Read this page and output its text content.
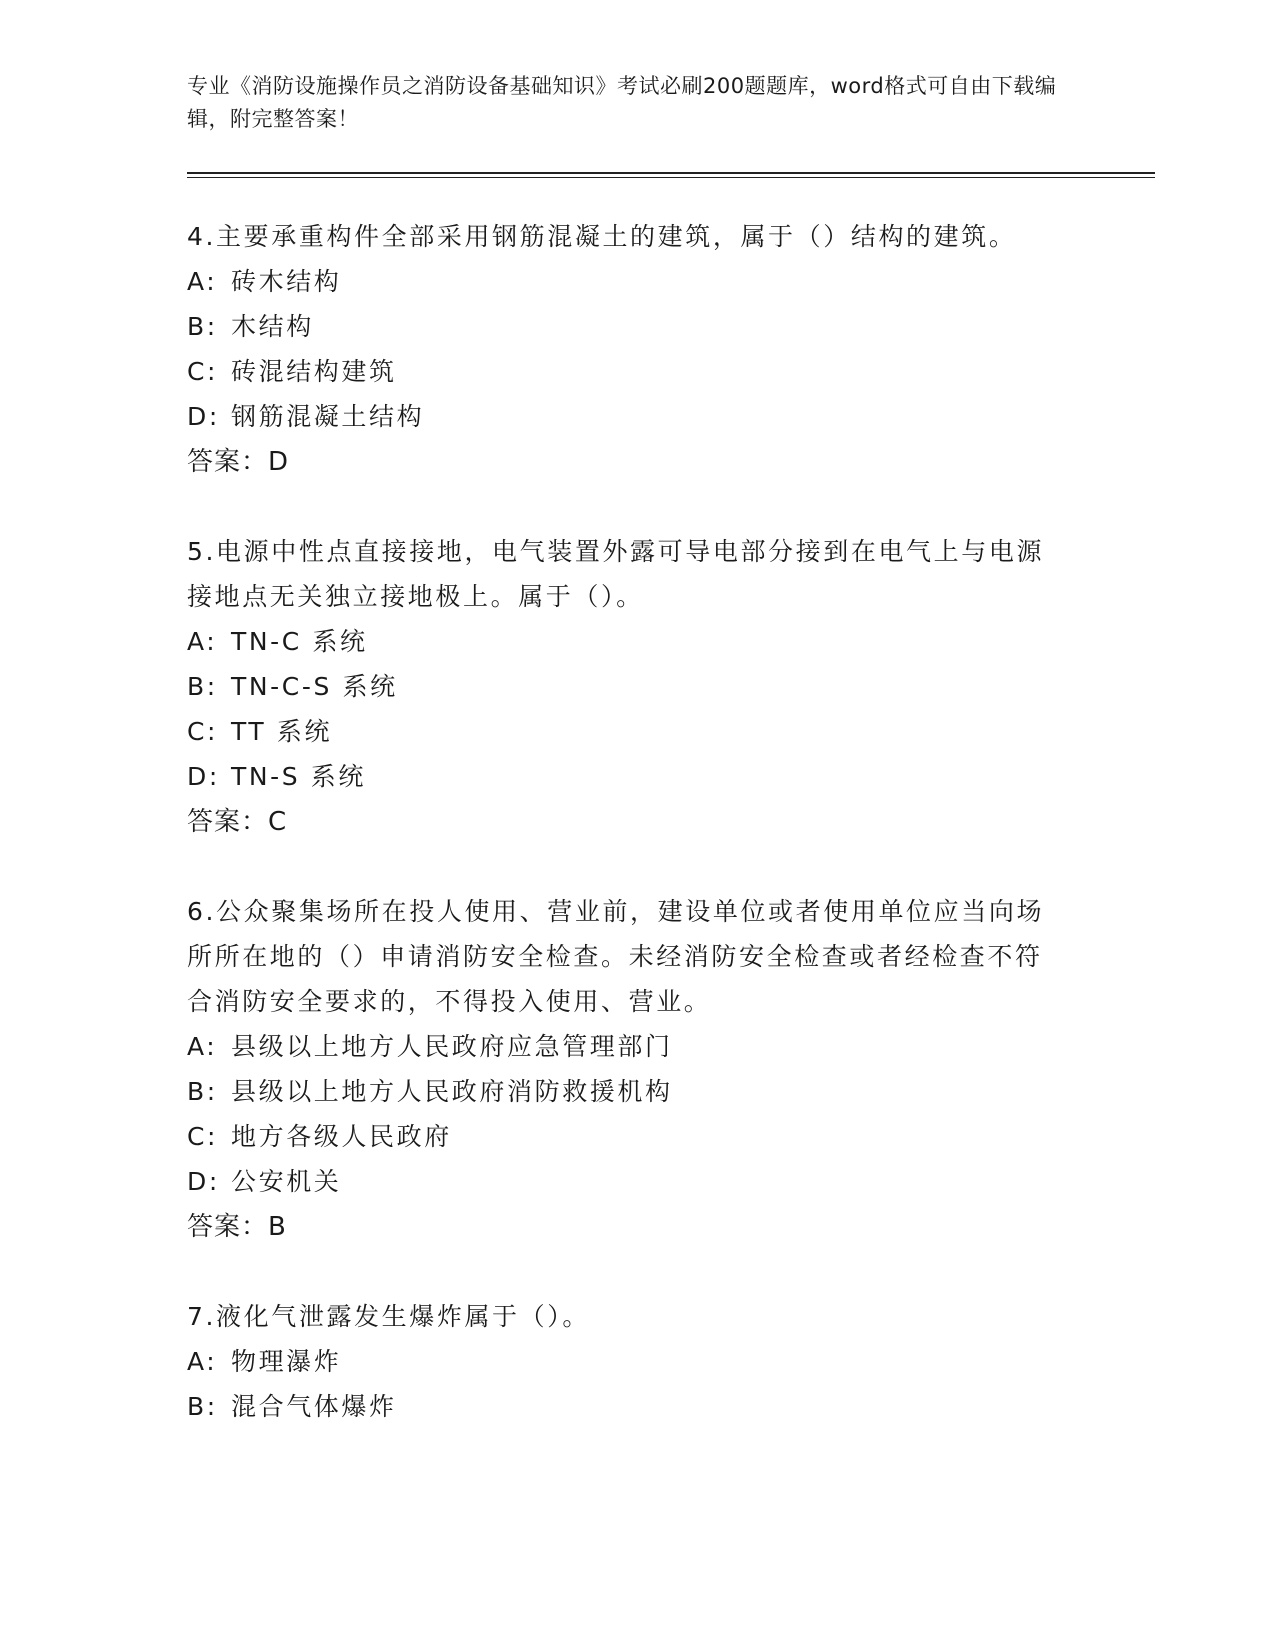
专业《消防设施操作员之消防设备基础知识》考试必刷200题题库，word格式可自由下载编辑，附完整答案！

4.主要承重构件全部采用钢筋混凝土的建筑，属于（）结构的建筑。

A: 砖木结构

B: 木结构

C: 砖混结构建筑

D: 钢筋混凝土结构

答案：D

5.电源中性点直接接地，电气装置外露可导电部分接到在电气上与电源接地点无关独立接地极上。属于（）。

A: TN-C 系统

B: TN-C-S 系统

C: TT 系统

D: TN-S 系统

答案：C

6.公众聚集场所在投人使用、营业前，建设单位或者使用单位应当向场所所在地的（）申请消防安全检查。未经消防安全检查或者经检查不符合消防安全要求的，不得投入使用、营业。

A: 县级以上地方人民政府应急管理部门

B: 县级以上地方人民政府消防救援机构

C: 地方各级人民政府

D: 公安机关

答案：B

7.液化气泄露发生爆炸属于（）。

A: 物理瀑炸

B: 混合气体爆炸
